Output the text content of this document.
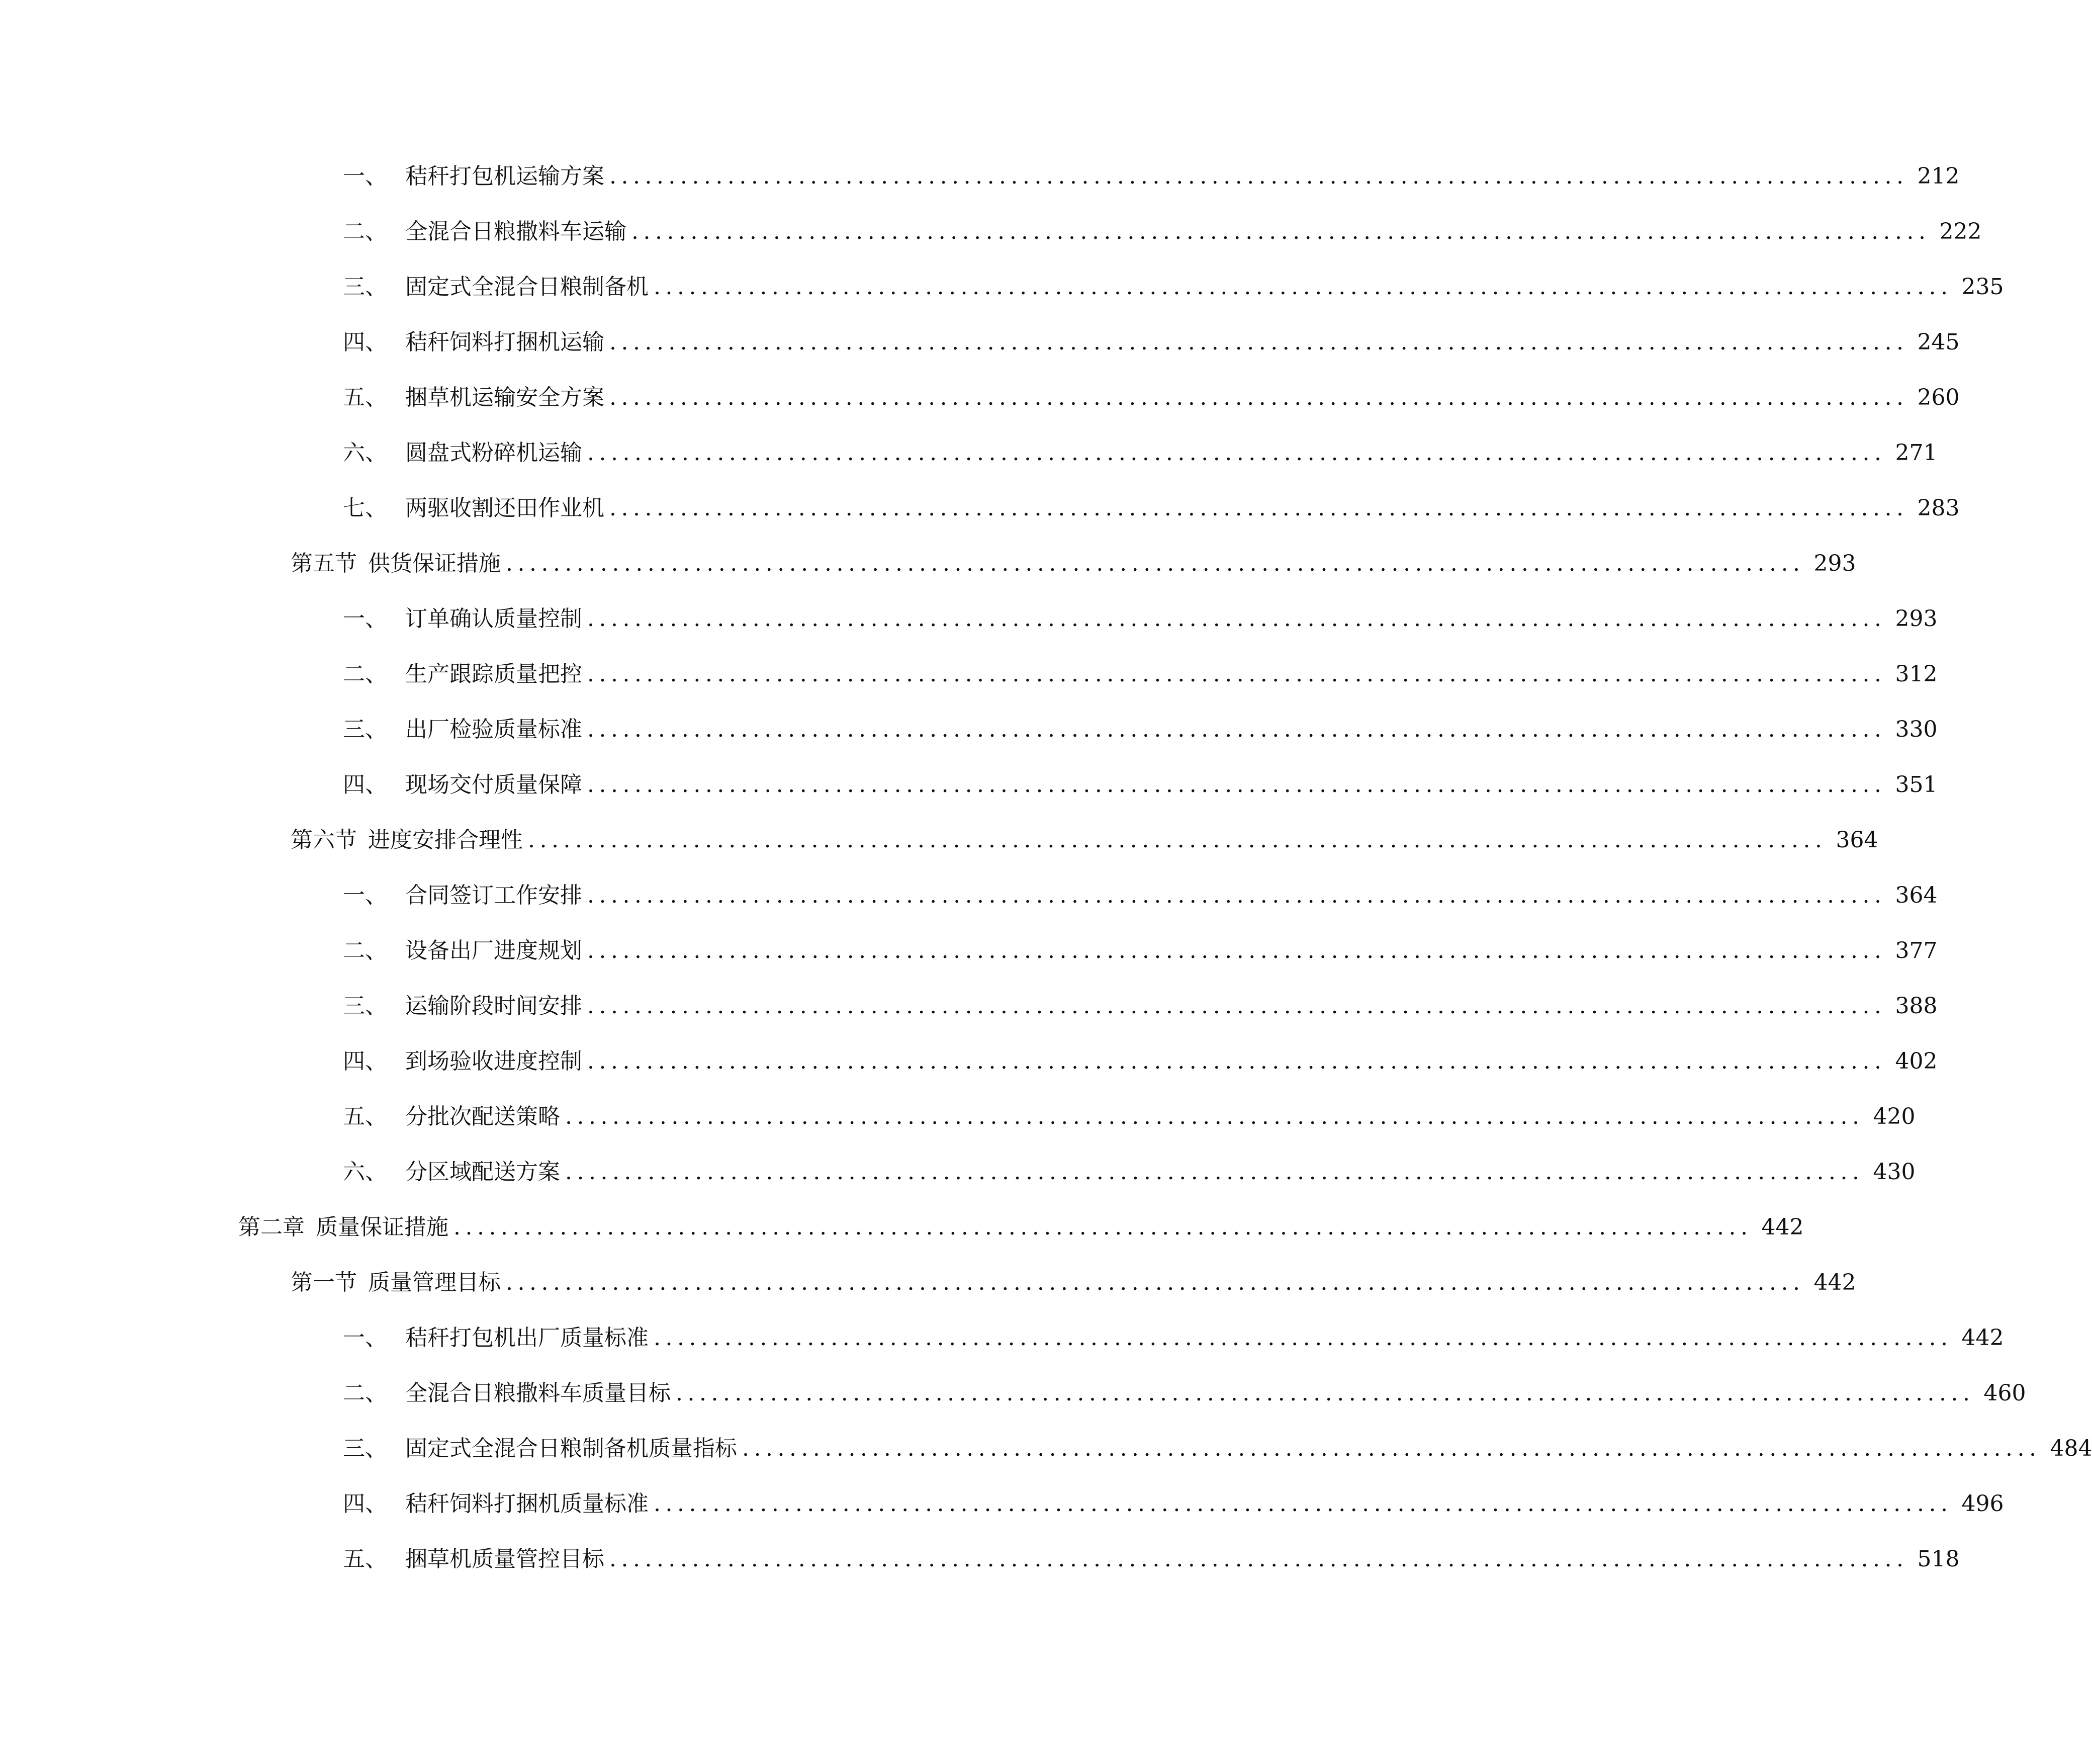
一、 秸秆打包机运输方案 .............................................................................................................. 212
二、 全混合日粮撒料车运输 .............................................................................................................. 222
三、 固定式全混合日粮制备机 .............................................................................................................. 235
四、 秸秆饲料打捆机运输 .............................................................................................................. 245
五、 捆草机运输安全方案 .............................................................................................................. 260
六、 圆盘式粉碎机运输 .............................................................................................................. 271
七、 两驱收割还田作业机 .............................................................................................................. 283
第五节 供货保证措施 .............................................................................................................. 293
一、 订单确认质量控制 .............................................................................................................. 293
二、 生产跟踪质量把控 .............................................................................................................. 312
三、 出厂检验质量标准 .............................................................................................................. 330
四、 现场交付质量保障 .............................................................................................................. 351
第六节 进度安排合理性 .............................................................................................................. 364
一、 合同签订工作安排 .............................................................................................................. 364
二、 设备出厂进度规划 .............................................................................................................. 377
三、 运输阶段时间安排 .............................................................................................................. 388
四、 到场验收进度控制 .............................................................................................................. 402
五、 分批次配送策略 .............................................................................................................. 420
六、 分区域配送方案 .............................................................................................................. 430
第二章 质量保证措施 .............................................................................................................. 442
第一节 质量管理目标 .............................................................................................................. 442
一、 秸秆打包机出厂质量标准 .............................................................................................................. 442
二、 全混合日粮撒料车质量目标 .............................................................................................................. 460
三、 固定式全混合日粮制备机质量指标 .............................................................................................................. 484
四、 秸秆饲料打捆机质量标准 .............................................................................................................. 496
五、 捆草机质量管控目标 .............................................................................................................. 518
